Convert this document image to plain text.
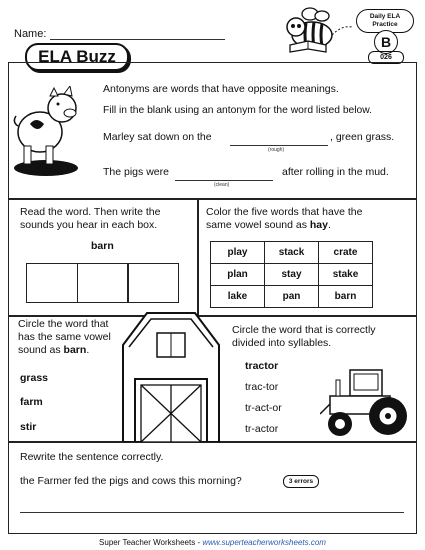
Name:
ELA Buzz
Daily ELA
Practice
B
026
Antonyms are words that have opposite meanings.
Fill in the blank using an antonym for the word listed below.
Marley sat down on the
(rough)
, green grass.
The pigs were
(clean)
after rolling in the mud.
Read the word. Then write the
sounds you hear in each box.
barn
Color the five words that have the
same vowel sound as hay.
play	stack	crate
plan	stay	stake
lake	pan	barn
Circle the word that
has the same vowel
sound as barn.
grass
farm
stir
Circle the word that is correctly
divided into syllables.
tractor
trac-tor
tr-act-or
tr-actor
Rewrite the sentence correctly.
the Farmer fed the pigs and cows this morning?	3 errors
Super Teacher Worksheets - www.superteacherworksheets.com
